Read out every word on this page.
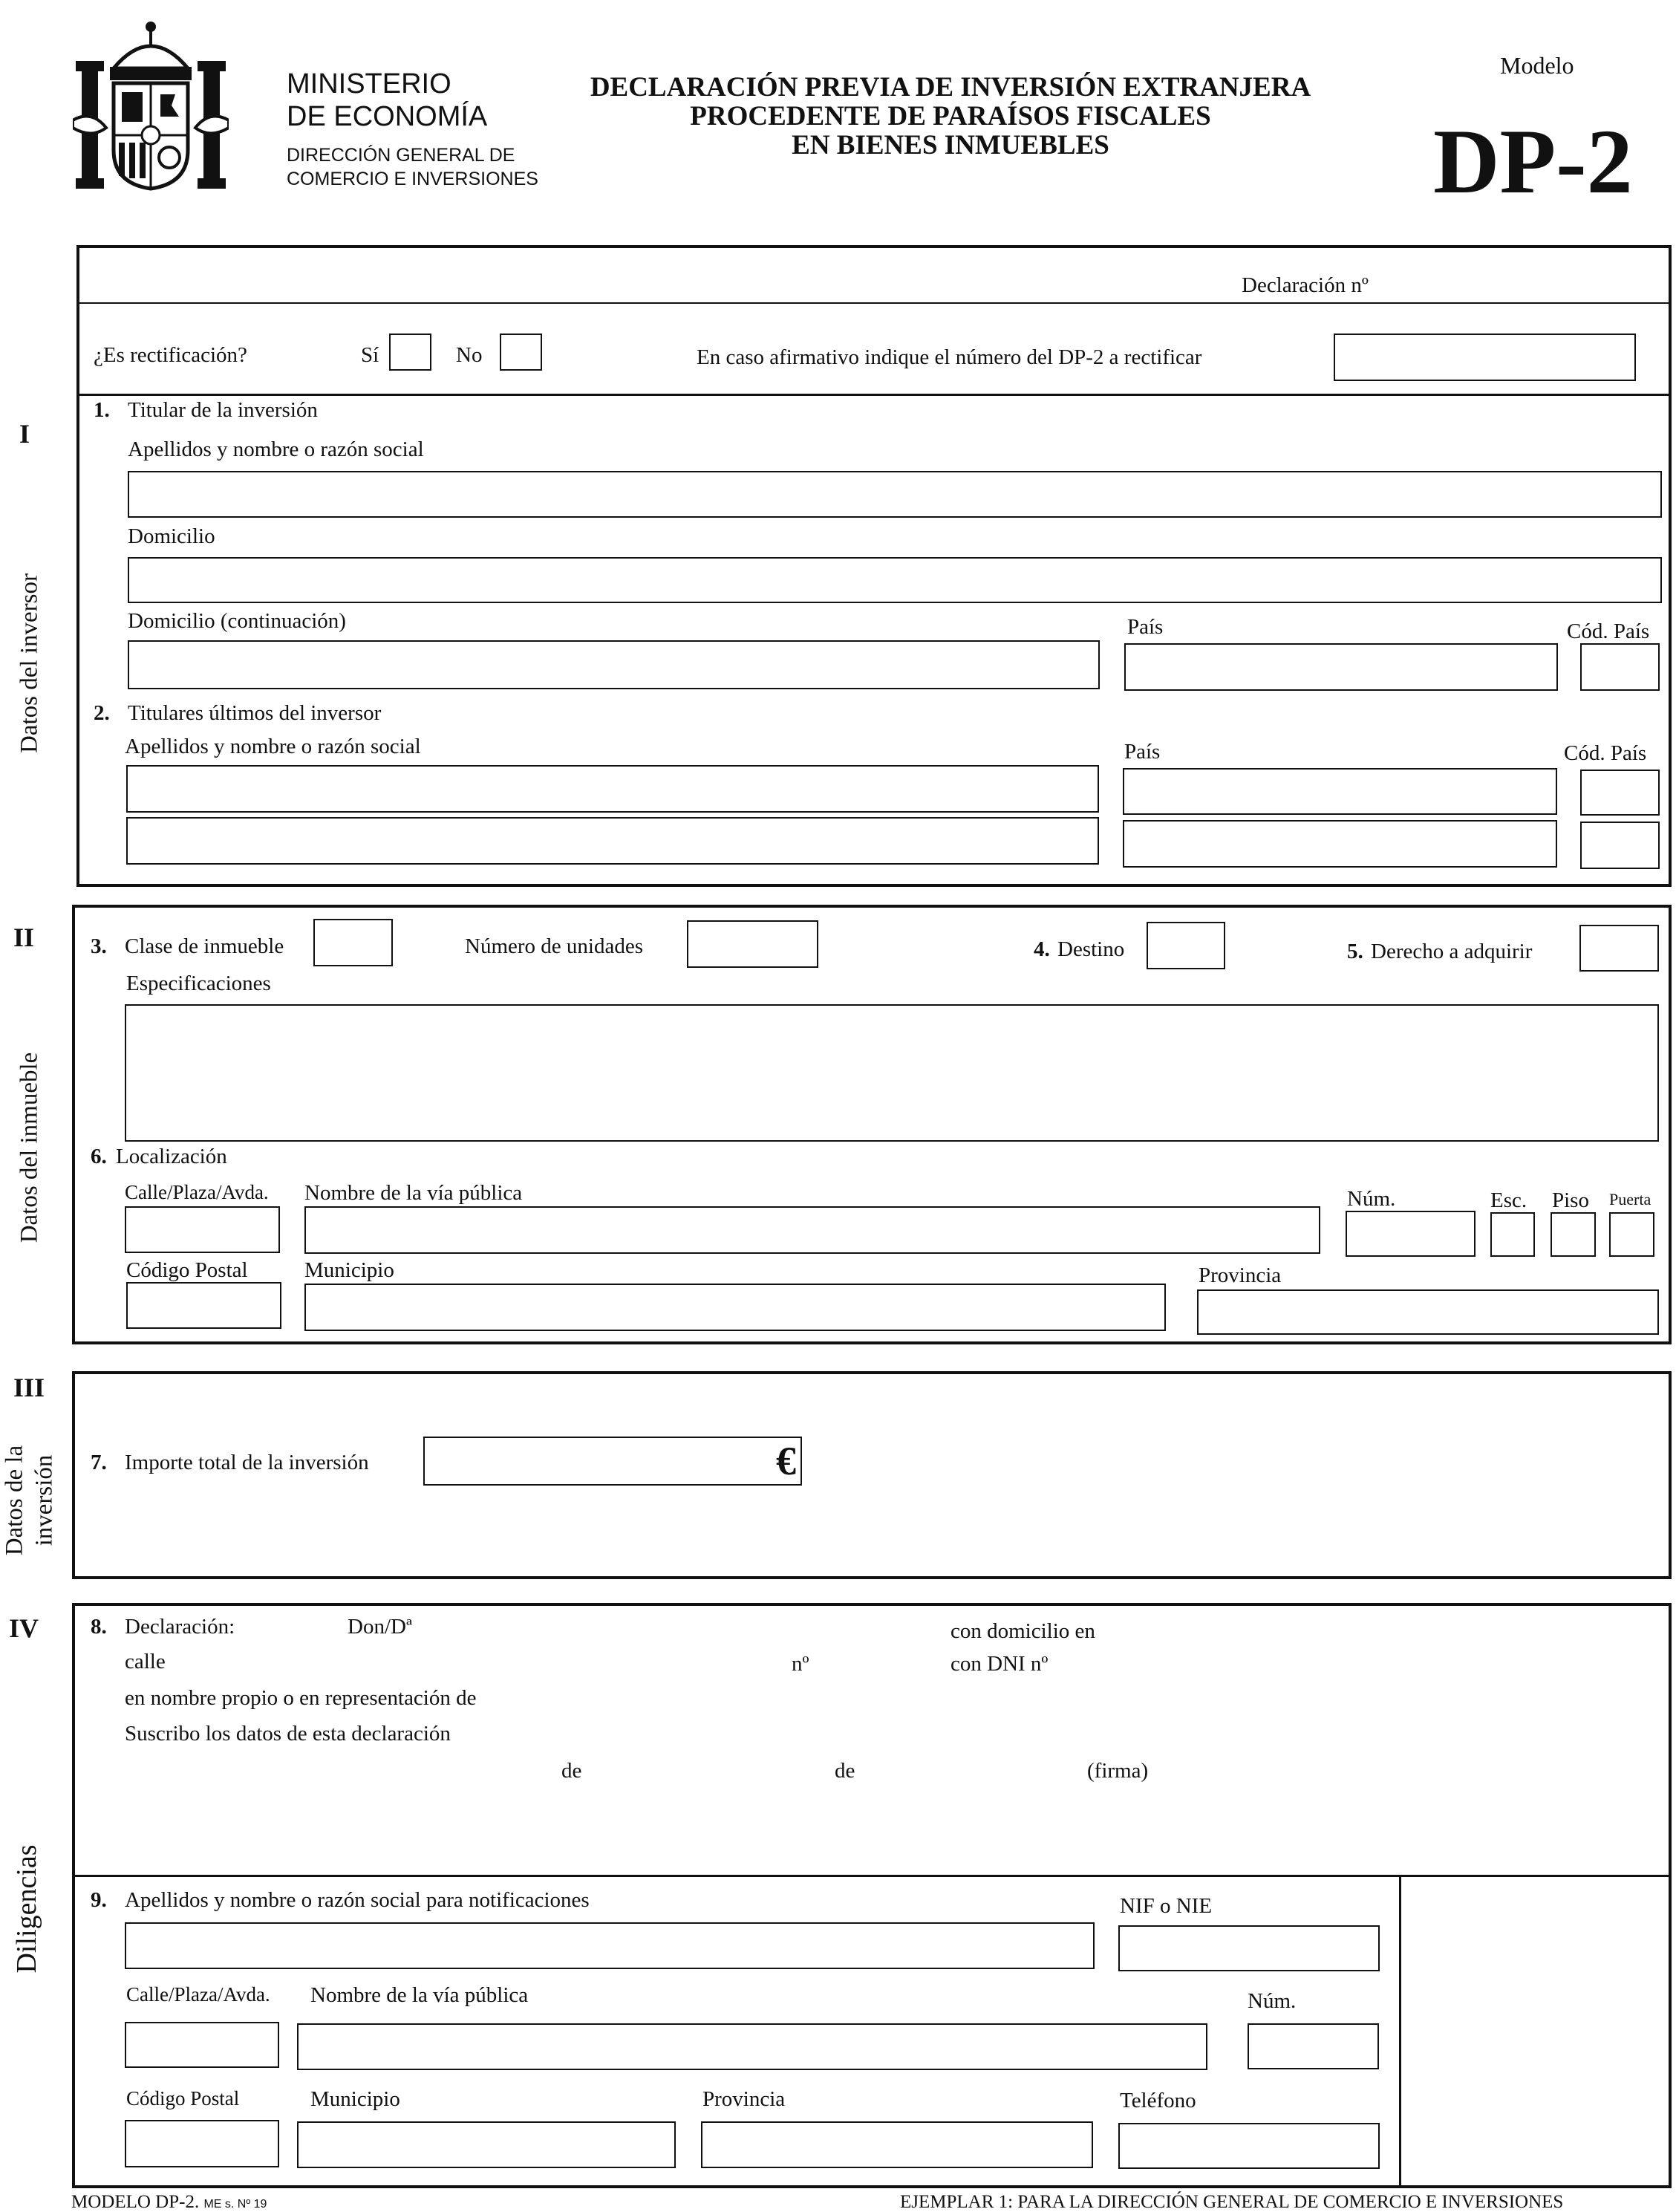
MINISTERIO
DE ECONOMÍA
DIRECCIÓN GENERAL DE
COMERCIO E INVERSIONES
DECLARACIÓN PREVIA DE INVERSIÓN EXTRANJERA
PROCEDENTE DE PARAÍSOS FISCALES
EN BIENES INMUEBLES
Modelo
DP-2
Declaración nº
¿Es rectificación?	Sí	No	En caso afirmativo indique el número del DP-2 a rectificar
I
Datos del inversor
1. Titular de la inversión
Apellidos y nombre o razón social
Domicilio
Domicilio (continuación)	País	Cód. País
2. Titulares últimos del inversor
Apellidos y nombre o razón social	País	Cód. País
II
Datos del inmueble
3. Clase de inmueble	Número de unidades	4. Destino	5. Derecho a adquirir
Especificaciones
6. Localización
Calle/Plaza/Avda. Nombre de la vía pública	Núm.	Esc. Piso Puerta
Código Postal	Municipio	Provincia
III
Datos de la inversión 7. Importe total de la inversión	€
IV
Diligencias
8. Declaración:	Don/Dª	con domicilio en
calle	nº	con DNI nº
en nombre propio o en representación de
Suscribo los datos de esta declaración
de	de	(firma)
9. Apellidos y nombre o razón social para notificaciones	NIF o NIE
Calle/Plaza/Avda. Nombre de la vía pública	Núm.
Código Postal	Municipio	Provincia	Teléfono
MODELO DP-2. ME s. Nº 19	EJEMPLAR 1: PARA LA DIRECCIÓN GENERAL DE COMERCIO E INVERSIONES
